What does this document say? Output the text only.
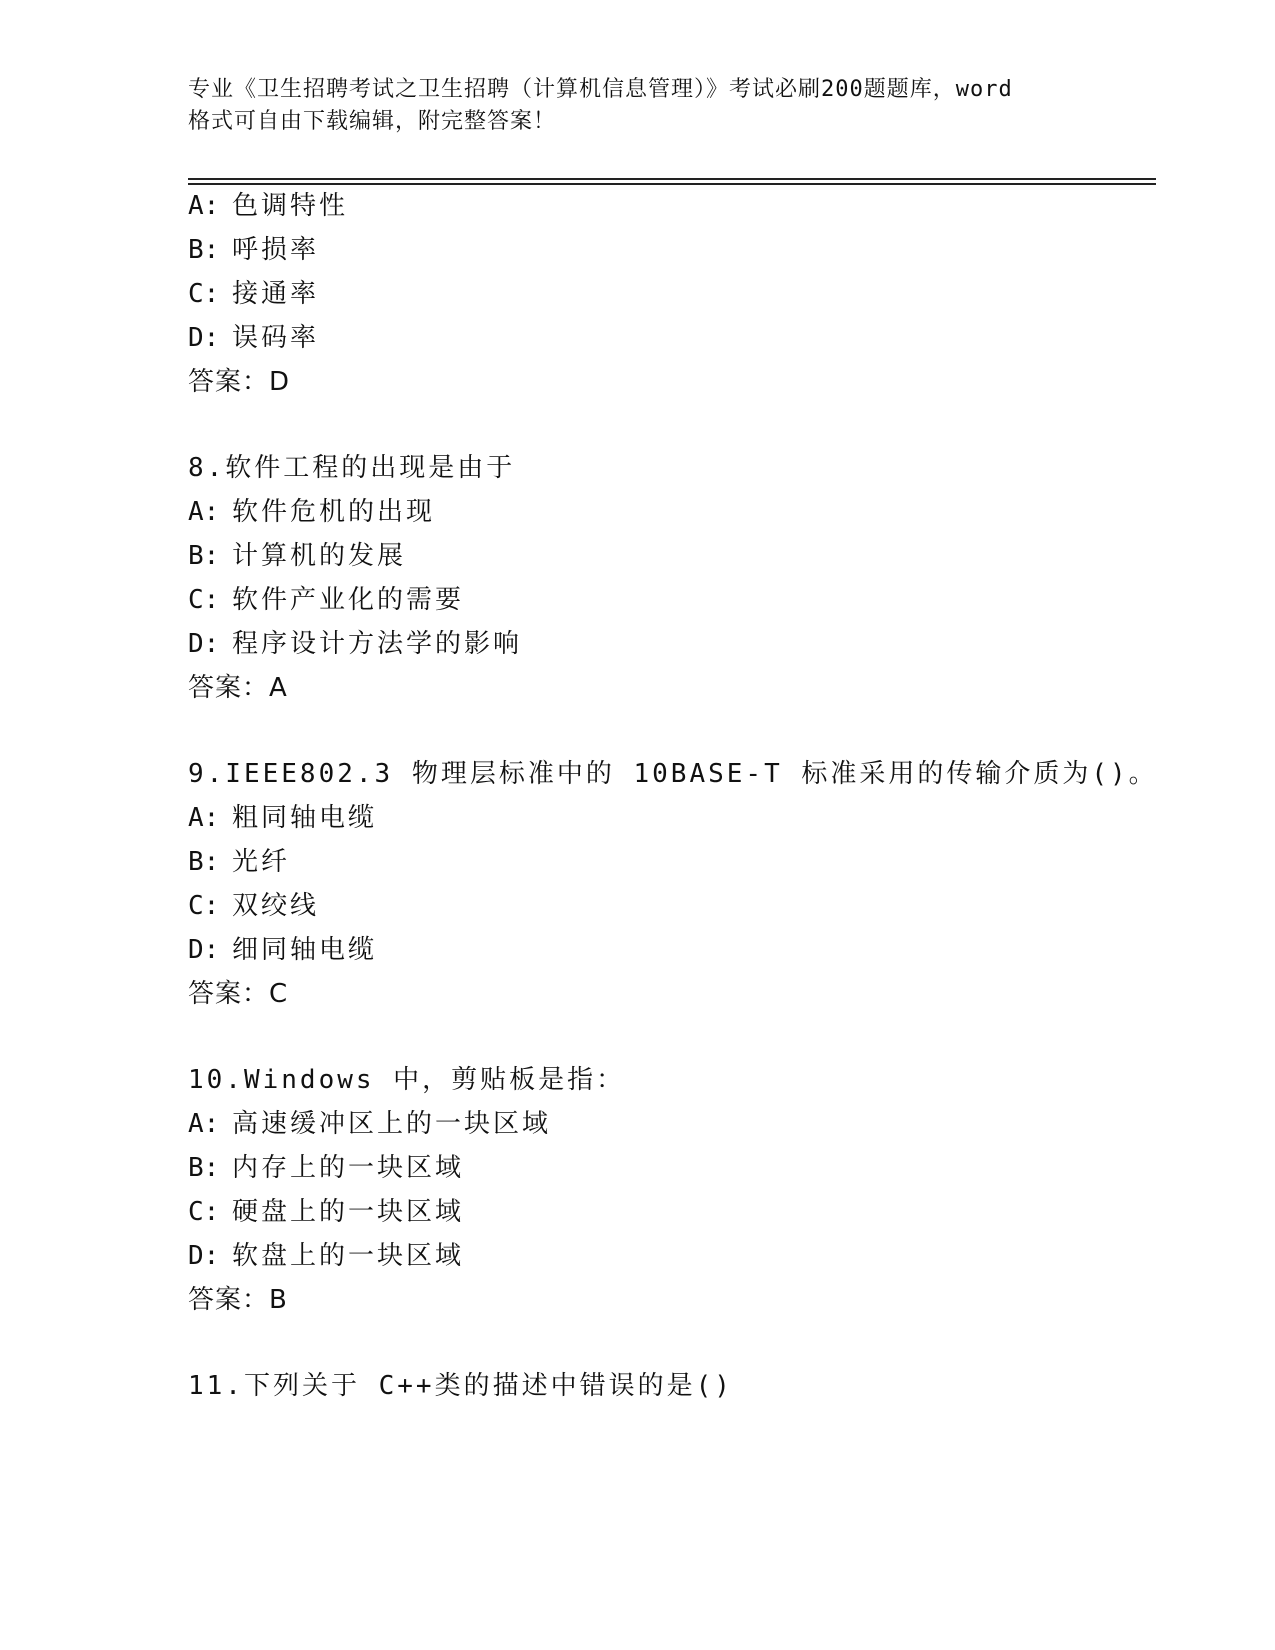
专业《卫生招聘考试之卫生招聘（计算机信息管理）》考试必刷200题题库，word
格式可自由下载编辑，附完整答案！
A: 色调特性
B: 呼损率
C: 接通率
D: 误码率
答案：D
8.软件工程的出现是由于
A: 软件危机的出现
B: 计算机的发展
C: 软件产业化的需要
D: 程序设计方法学的影响
答案：A
9.IEEE802.3 物理层标准中的 10BASE-T 标准采用的传输介质为()。
A: 粗同轴电缆
B: 光纤
C: 双绞线
D: 细同轴电缆
答案：C
10.Windows 中，剪贴板是指：
A: 高速缓冲区上的一块区域
B: 内存上的一块区域
C: 硬盘上的一块区域
D: 软盘上的一块区域
答案：B
11.下列关于 C++类的描述中错误的是()
